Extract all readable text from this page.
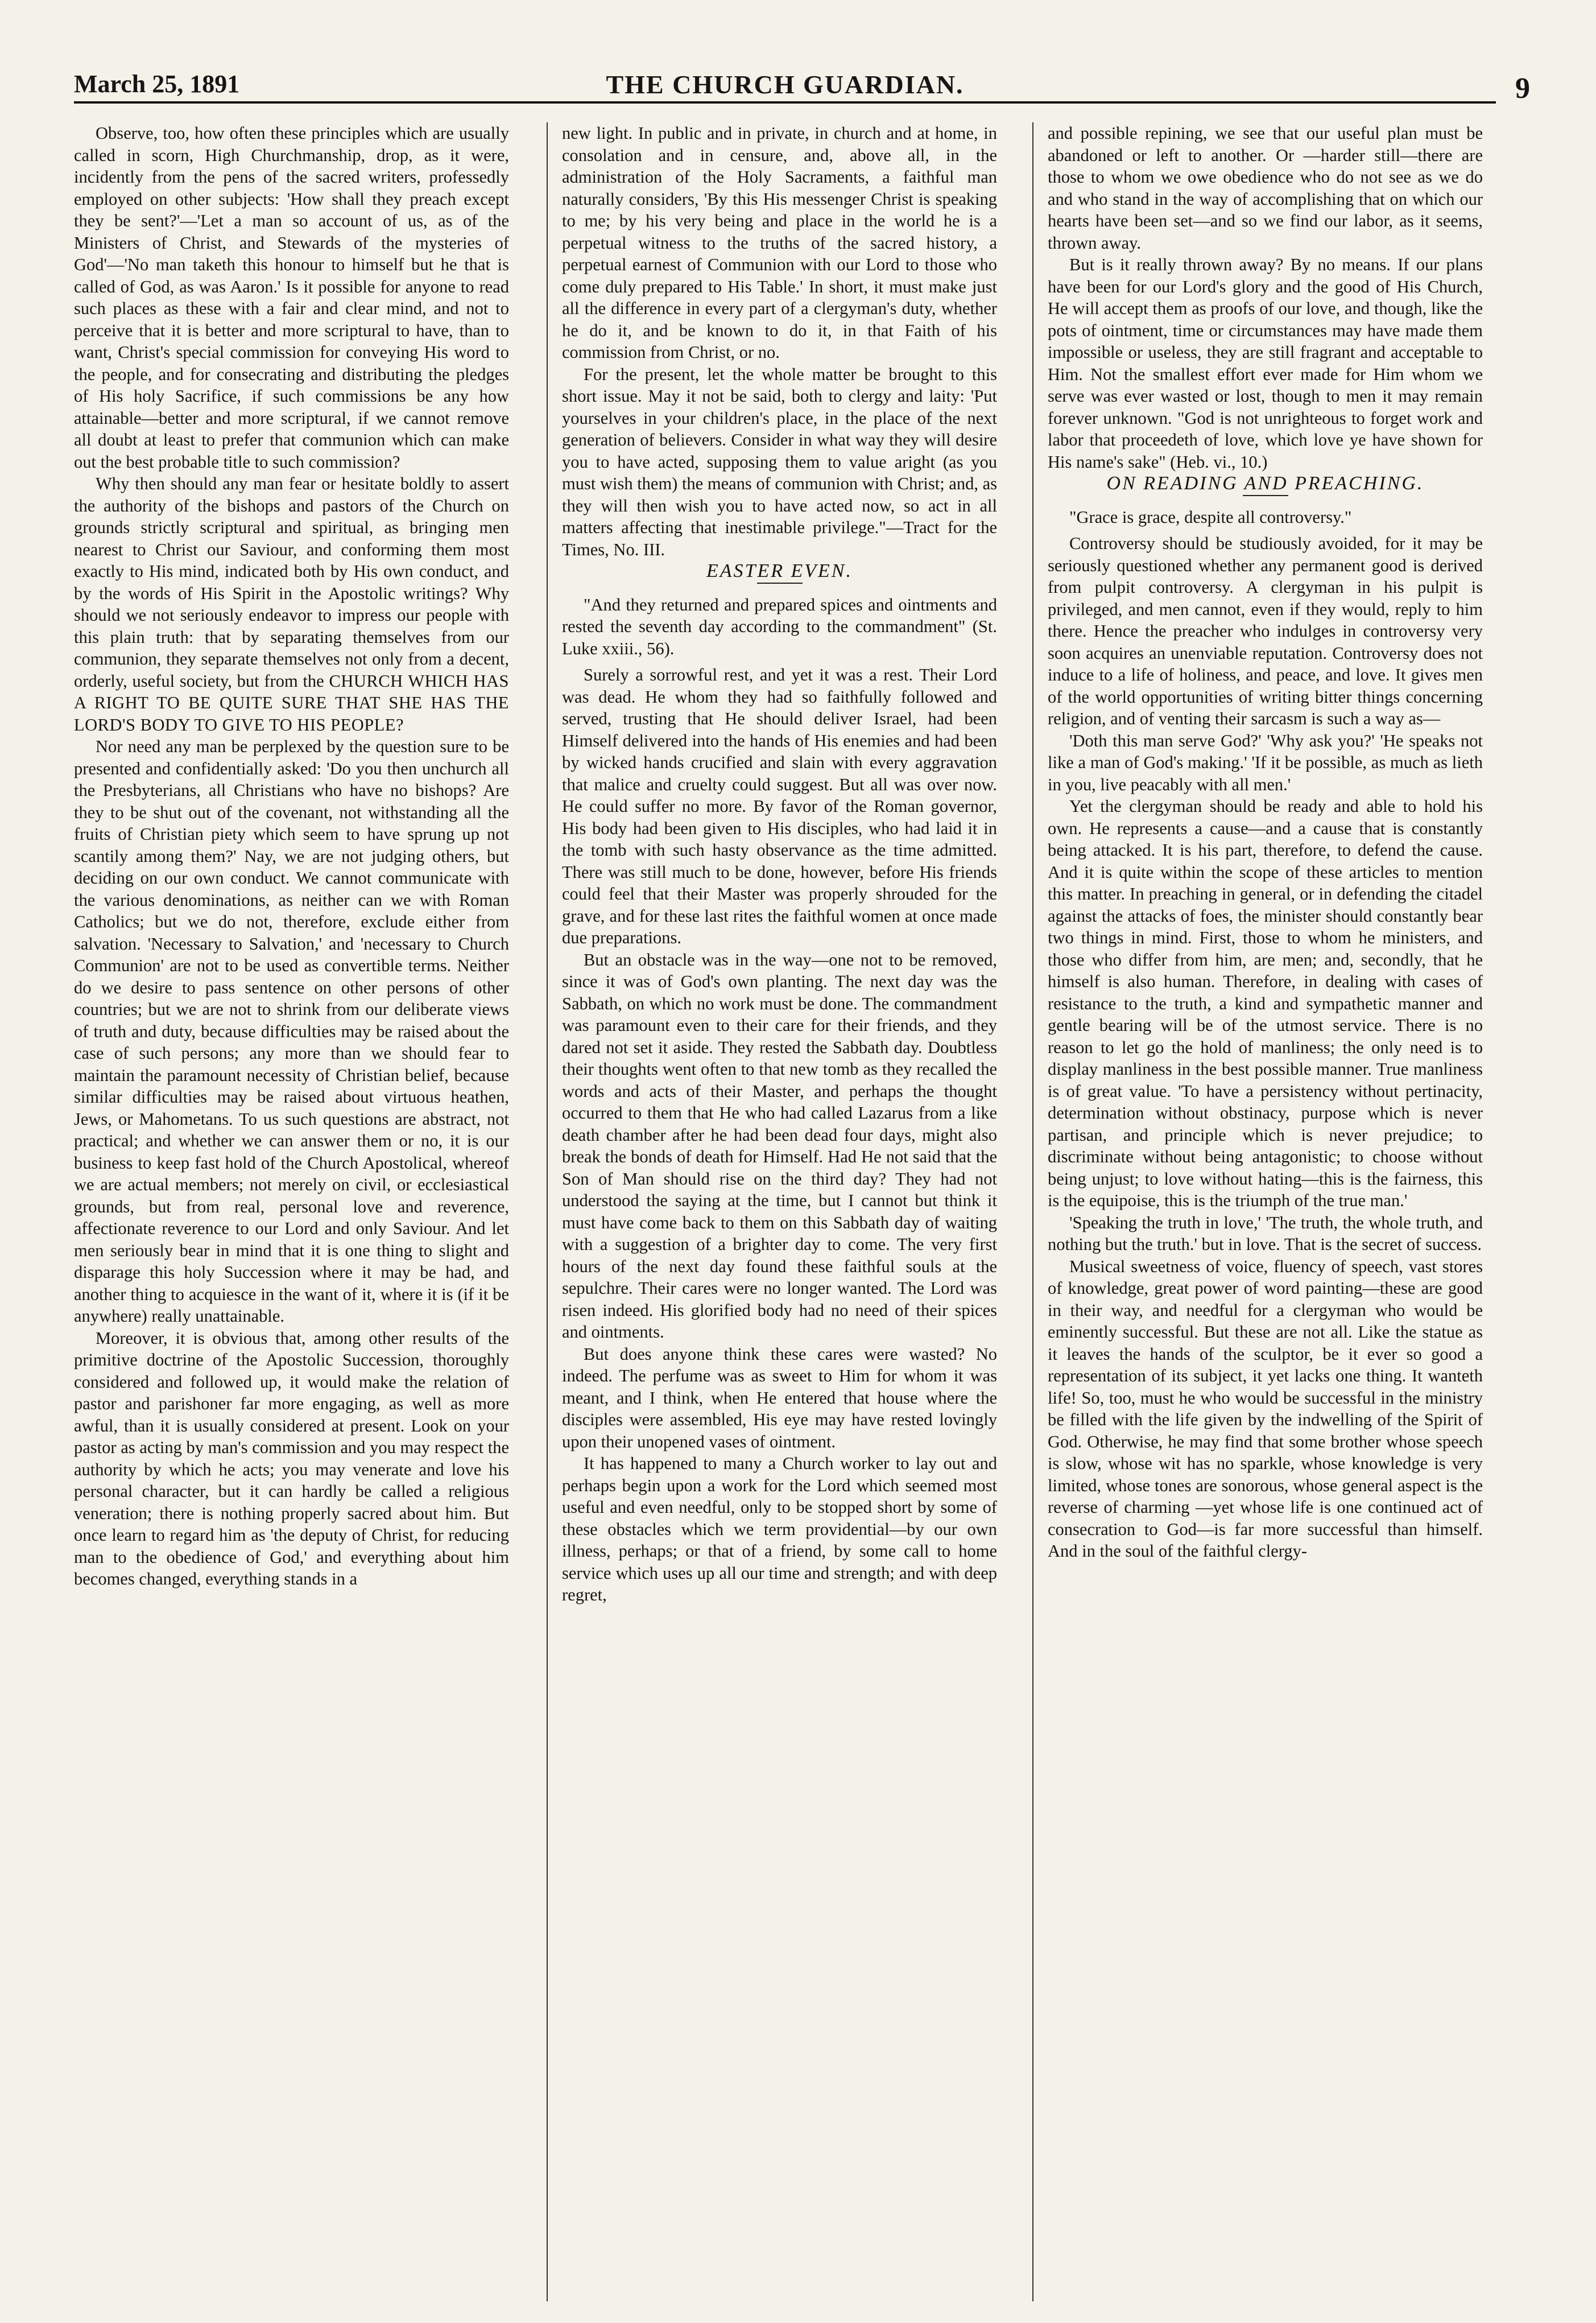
March 25, 1891	THE CHURCH GUARDIAN.	9

Observe, too, how often these principles which are usually called in scorn, High Churchmanship, drop, as it were, incidently from the pens of the sacred writers, professedly employed on other subjects: 'How shall they preach except they be sent?'—'Let a man so account of us, as of the Ministers of Christ, and Stewards of the mysteries of God'—'No man taketh this honour to himself but he that is called of God, as was Aaron.' Is it possible for anyone to read such places as these with a fair and clear mind, and not to perceive that it is better and more scriptural to have, than to want, Christ's special commission for conveying His word to the people, and for consecrating and distributing the pledges of His holy Sacrifice, if such commissions be any how attainable—better and more scriptural, if we cannot remove all doubt at least to prefer that communion which can make out the best probable title to such commission?

Why then should any man fear or hesitate boldly to assert the authority of the bishops and pastors of the Church on grounds strictly scriptural and spiritual, as bringing men nearest to Christ our Saviour, and conforming them most exactly to His mind, indicated both by His own conduct, and by the words of His Spirit in the Apostolic writings? Why should we not seriously endeavor to impress our people with this plain truth: that by separating themselves from our communion, they separate themselves not only from a decent, orderly, useful society, but from the CHURCH WHICH HAS A RIGHT TO BE QUITE SURE THAT SHE HAS THE LORD'S BODY TO GIVE TO HIS PEOPLE?

Nor need any man be perplexed by the question sure to be presented and confidentially asked: 'Do you then unchurch all the Presbyterians, all Christians who have no bishops? Are they to be shut out of the covenant, not withstanding all the fruits of Christian piety which seem to have sprung up not scantily among them?' Nay, we are not judging others, but deciding on our own conduct. We cannot communicate with the various denominations, as neither can we with Roman Catholics; but we do not, therefore, exclude either from salvation. 'Necessary to Salvation,' and 'necessary to Church Communion' are not to be used as convertible terms. Neither do we desire to pass sentence on other persons of other countries; but we are not to shrink from our deliberate views of truth and duty, because difficulties may be raised about the case of such persons; any more than we should fear to maintain the paramount necessity of Christian belief, because similar difficulties may be raised about virtuous heathen, Jews, or Mahometans. To us such questions are abstract, not practical; and whether we can answer them or no, it is our business to keep fast hold of the Church Apostolical, whereof we are actual members; not merely on civil, or ecclesiastical grounds, but from real, personal love and reverence, affectionate reverence to our Lord and only Saviour. And let men seriously bear in mind that it is one thing to slight and disparage this holy Succession where it may be had, and another thing to acquiesce in the want of it, where it is (if it be anywhere) really unattainable.

Moreover, it is obvious that, among other results of the primitive doctrine of the Apostolic Succession, thoroughly considered and followed up, it would make the relation of pastor and parishoner far more engaging, as well as more awful, than it is usually considered at present. Look on your pastor as acting by man's commission and you may respect the authority by which he acts; you may venerate and love his personal character, but it can hardly be called a religious veneration; there is nothing properly sacred about him. But once learn to regard him as 'the deputy of Christ, for reducing man to the obedience of God,' and everything about him becomes changed, everything stands in a

new light. In public and in private, in church and at home, in consolation and in censure, and, above all, in the administration of the Holy Sacraments, a faithful man naturally considers, 'By this His messenger Christ is speaking to me; by his very being and place in the world he is a perpetual witness to the truths of the sacred history, a perpetual earnest of Communion with our Lord to those who come duly prepared to His Table.' In short, it must make just all the difference in every part of a clergyman's duty, whether he do it, and be known to do it, in that Faith of his commission from Christ, or no.

For the present, let the whole matter be brought to this short issue. May it not be said, both to clergy and laity: 'Put yourselves in your children's place, in the place of the next generation of believers. Consider in what way they will desire you to have acted, supposing them to value aright (as you must wish them) the means of communion with Christ; and, as they will then wish you to have acted now, so act in all matters affecting that inestimable privilege."—Tract for the Times, No. III.

EASTER EVEN.

"And they returned and prepared spices and ointments and rested the seventh day according to the commandment" (St. Luke xxiii., 56).

Surely a sorrowful rest, and yet it was a rest. Their Lord was dead. He whom they had so faithfully followed and served, trusting that He should deliver Israel, had been Himself delivered into the hands of His enemies and had been by wicked hands crucified and slain with every aggravation that malice and cruelty could suggest. But all was over now. He could suffer no more. By favor of the Roman governor, His body had been given to His disciples, who had laid it in the tomb with such hasty observance as the time admitted. There was still much to be done, however, before His friends could feel that their Master was properly shrouded for the grave, and for these last rites the faithful women at once made due preparations.

But an obstacle was in the way—one not to be removed, since it was of God's own planting. The next day was the Sabbath, on which no work must be done. The commandment was paramount even to their care for their friends, and they dared not set it aside. They rested the Sabbath day. Doubtless their thoughts went often to that new tomb as they recalled the words and acts of their Master, and perhaps the thought occurred to them that He who had called Lazarus from a like death chamber after he had been dead four days, might also break the bonds of death for Himself. Had He not said that the Son of Man should rise on the third day? They had not understood the saying at the time, but I cannot but think it must have come back to them on this Sabbath day of waiting with a suggestion of a brighter day to come. The very first hours of the next day found these faithful souls at the sepulchre. Their cares were no longer wanted. The Lord was risen indeed. His glorified body had no need of their spices and ointments.

But does anyone think these cares were wasted? No indeed. The perfume was as sweet to Him for whom it was meant, and I think, when He entered that house where the disciples were assembled, His eye may have rested lovingly upon their unopened vases of ointment.

It has happened to many a Church worker to lay out and perhaps begin upon a work for the Lord which seemed most useful and even needful, only to be stopped short by some of these obstacles which we term providential—by our own illness, perhaps; or that of a friend, by some call to home service which uses up all our time and strength; and with deep regret,

and possible repining, we see that our useful plan must be abandoned or left to another. Or —harder still—there are those to whom we owe obedience who do not see as we do and who stand in the way of accomplishing that on which our hearts have been set—and so we find our labor, as it seems, thrown away.

But is it really thrown away? By no means. If our plans have been for our Lord's glory and the good of His Church, He will accept them as proofs of our love, and though, like the pots of ointment, time or circumstances may have made them impossible or useless, they are still fragrant and acceptable to Him. Not the smallest effort ever made for Him whom we serve was ever wasted or lost, though to men it may remain forever unknown. "God is not unrighteous to forget work and labor that proceedeth of love, which love ye have shown for His name's sake" (Heb. vi., 10.)

ON READING AND PREACHING.

"Grace is grace, despite all controversy."

Controversy should be studiously avoided, for it may be seriously questioned whether any permanent good is derived from pulpit controversy. A clergyman in his pulpit is privileged, and men cannot, even if they would, reply to him there. Hence the preacher who indulges in controversy very soon acquires an unenviable reputation. Controversy does not induce to a life of holiness, and peace, and love. It gives men of the world opportunities of writing bitter things concerning religion, and of venting their sarcasm is such a way as—

'Doth this man serve God?' 'Why ask you?' 'He speaks not like a man of God's making.' 'If it be possible, as much as lieth in you, live peacably with all men.'

Yet the clergyman should be ready and able to hold his own. He represents a cause—and a cause that is constantly being attacked. It is his part, therefore, to defend the cause. And it is quite within the scope of these articles to mention this matter. In preaching in general, or in defending the citadel against the attacks of foes, the minister should constantly bear two things in mind. First, those to whom he ministers, and those who differ from him, are men; and, secondly, that he himself is also human. Therefore, in dealing with cases of resistance to the truth, a kind and sympathetic manner and gentle bearing will be of the utmost service. There is no reason to let go the hold of manliness; the only need is to display manliness in the best possible manner. True manliness is of great value. 'To have a persistency without pertinacity, determination without obstinacy, purpose which is never partisan, and principle which is never prejudice; to discriminate without being antagonistic; to choose without being unjust; to love without hating—this is the fairness, this is the equipoise, this is the triumph of the true man.'

'Speaking the truth in love,' 'The truth, the whole truth, and nothing but the truth.' but in love. That is the secret of success.

Musical sweetness of voice, fluency of speech, vast stores of knowledge, great power of word painting—these are good in their way, and needful for a clergyman who would be eminently successful. But these are not all. Like the statue as it leaves the hands of the sculptor, be it ever so good a representation of its subject, it yet lacks one thing. It wanteth life! So, too, must he who would be successful in the ministry be filled with the life given by the indwelling of the Spirit of God. Otherwise, he may find that some brother whose speech is slow, whose wit has no sparkle, whose knowledge is very limited, whose tones are sonorous, whose general aspect is the reverse of charming —yet whose life is one continued act of consecration to God—is far more successful than himself. And in the soul of the faithful clergy-
